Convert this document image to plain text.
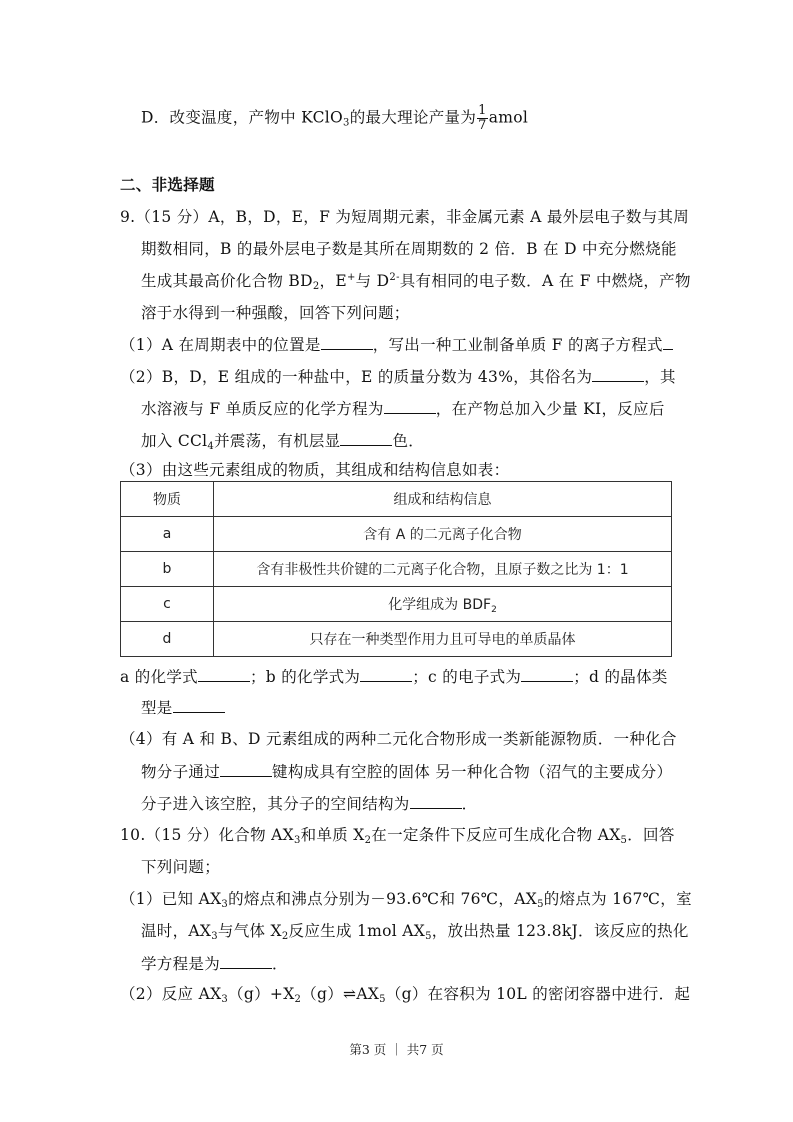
D．改变温度，产物中 KClO$_3$的最大理论产量为 $\frac{1}{7}$ amol
二、非选择题
9.（15 分）A，B，D，E，F 为短周期元素，非金属元素 A 最外层电子数与其周
期数相同，B 的最外层电子数是其所在周期数的 2 倍．B 在 D 中充分燃烧能
生成其最高价化合物 $BD_2$，E+与 $D^{2-}$具有相同的电子数．A 在 F 中燃烧，产物
溶于水得到一种强酸，回答下列问题；
（1）A 在周期表中的位置是	，写出一种工业制备单质 F 的离子方程式
（2）B，D，E 组成的一种盐中，E 的质量分数为 43%，其俗名为	，其
水溶液与 F 单质反应的化学方程为	，在产物总加入少量 KI，反应后
加入 CCl$_4$并震荡，有机层显	色．
（3）由这些元素组成的物质，其组成和结构信息如表：
物质	组成和结构信息
a	含有 A 的二元离子化合物
b	含有非极性共价键的二元离子化合物，且原子数之比为 1：1
c	化学组成为 $BDF_2$
d	只存在一种类型作用力且可导电的单质晶体
a 的化学式	；b 的化学式为	；c 的电子式为	；d 的晶体类
型是
（4）有 A 和 B、D 元素组成的两种二元化合物形成一类新能源物质．一种化合
物分子通过	键构成具有空腔的固体 另一种化合物（沼气的主要成分）
分子进入该空腔，其分子的空间结构为	．
10.（15 分）化合物 $AX_3$和单质 $X_2$在一定条件下反应可生成化合物 $AX_5$．回答
下列问题；
（1）已知 $AX_3$的熔点和沸点分别为－93.6℃和 76℃，$AX_5$的熔点为 167℃，室
温时，$AX_3$与气体 $X_2$反应生成 1mol $AX_5$，放出热量 123.8kJ．该反应的热化
学方程是为	．
（2）反应 $AX_3(g)+X_2(g)\rightleftharpoons AX_5(g)$在容积为 10L 的密闭容器中进行．起
第3 页 ｜ 共7 页
